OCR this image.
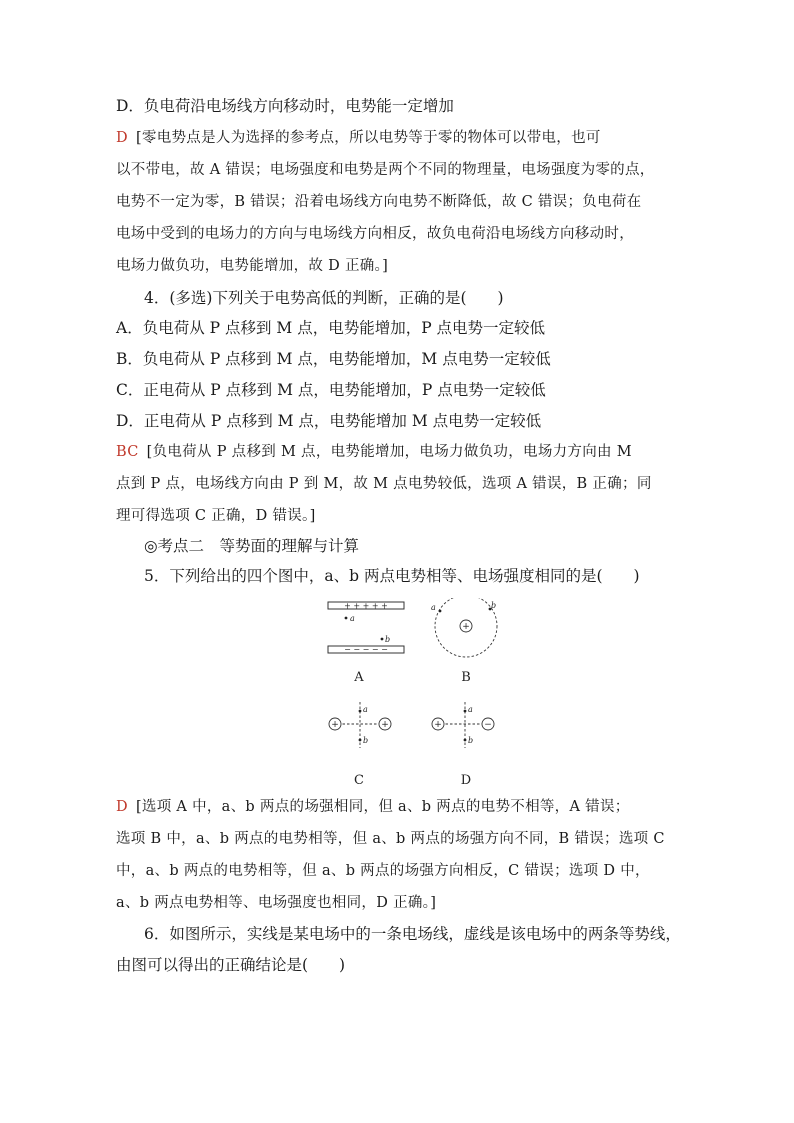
D．负电荷沿电场线方向移动时，电势能一定增加
D [零电势点是人为选择的参考点，所以电势等于零的物体可以带电，也可
以不带电，故 A 错误；电场强度和电势是两个不同的物理量，电场强度为零的点，
电势不一定为零，B 错误；沿着电场线方向电势不断降低，故 C 错误；负电荷在
电场中受到的电场力的方向与电场线方向相反，故负电荷沿电场线方向移动时，
电场力做负功，电势能增加，故 D 正确。]
4．(多选)下列关于电势高低的判断，正确的是(　　)
A．负电荷从 P 点移到 M 点，电势能增加，P 点电势一定较低
B．负电荷从 P 点移到 M 点，电势能增加，M 点电势一定较低
C．正电荷从 P 点移到 M 点，电势能增加，P 点电势一定较低
D．正电荷从 P 点移到 M 点，电势能增加 M 点电势一定较低
BC [负电荷从 P 点移到 M 点，电势能增加，电场力做负功，电场力方向由 M
点到 P 点，电场线方向由 P 到 M，故 M 点电势较低，选项 A 错误，B 正确；同
理可得选项 C 正确，D 错误。]
◎考点二　等势面的理解与计算
5．下列给出的四个图中，a、b 两点电势相等、电场强度相同的是(　　)
+ + + + +
a
b
− − − − −
A
+
a	b
B
+	+
a
b
C
+	−
a
b
D
D [选项 A 中，a、b 两点的场强相同，但 a、b 两点的电势不相等，A 错误；
选项 B 中，a、b 两点的电势相等，但 a、b 两点的场强方向不同，B 错误；选项 C
中，a、b 两点的电势相等，但 a、b 两点的场强方向相反，C 错误；选项 D 中，
a、b 两点电势相等、电场强度也相同，D 正确。]
6．如图所示，实线是某电场中的一条电场线，虚线是该电场中的两条等势线，
由图可以得出的正确结论是(　　)
